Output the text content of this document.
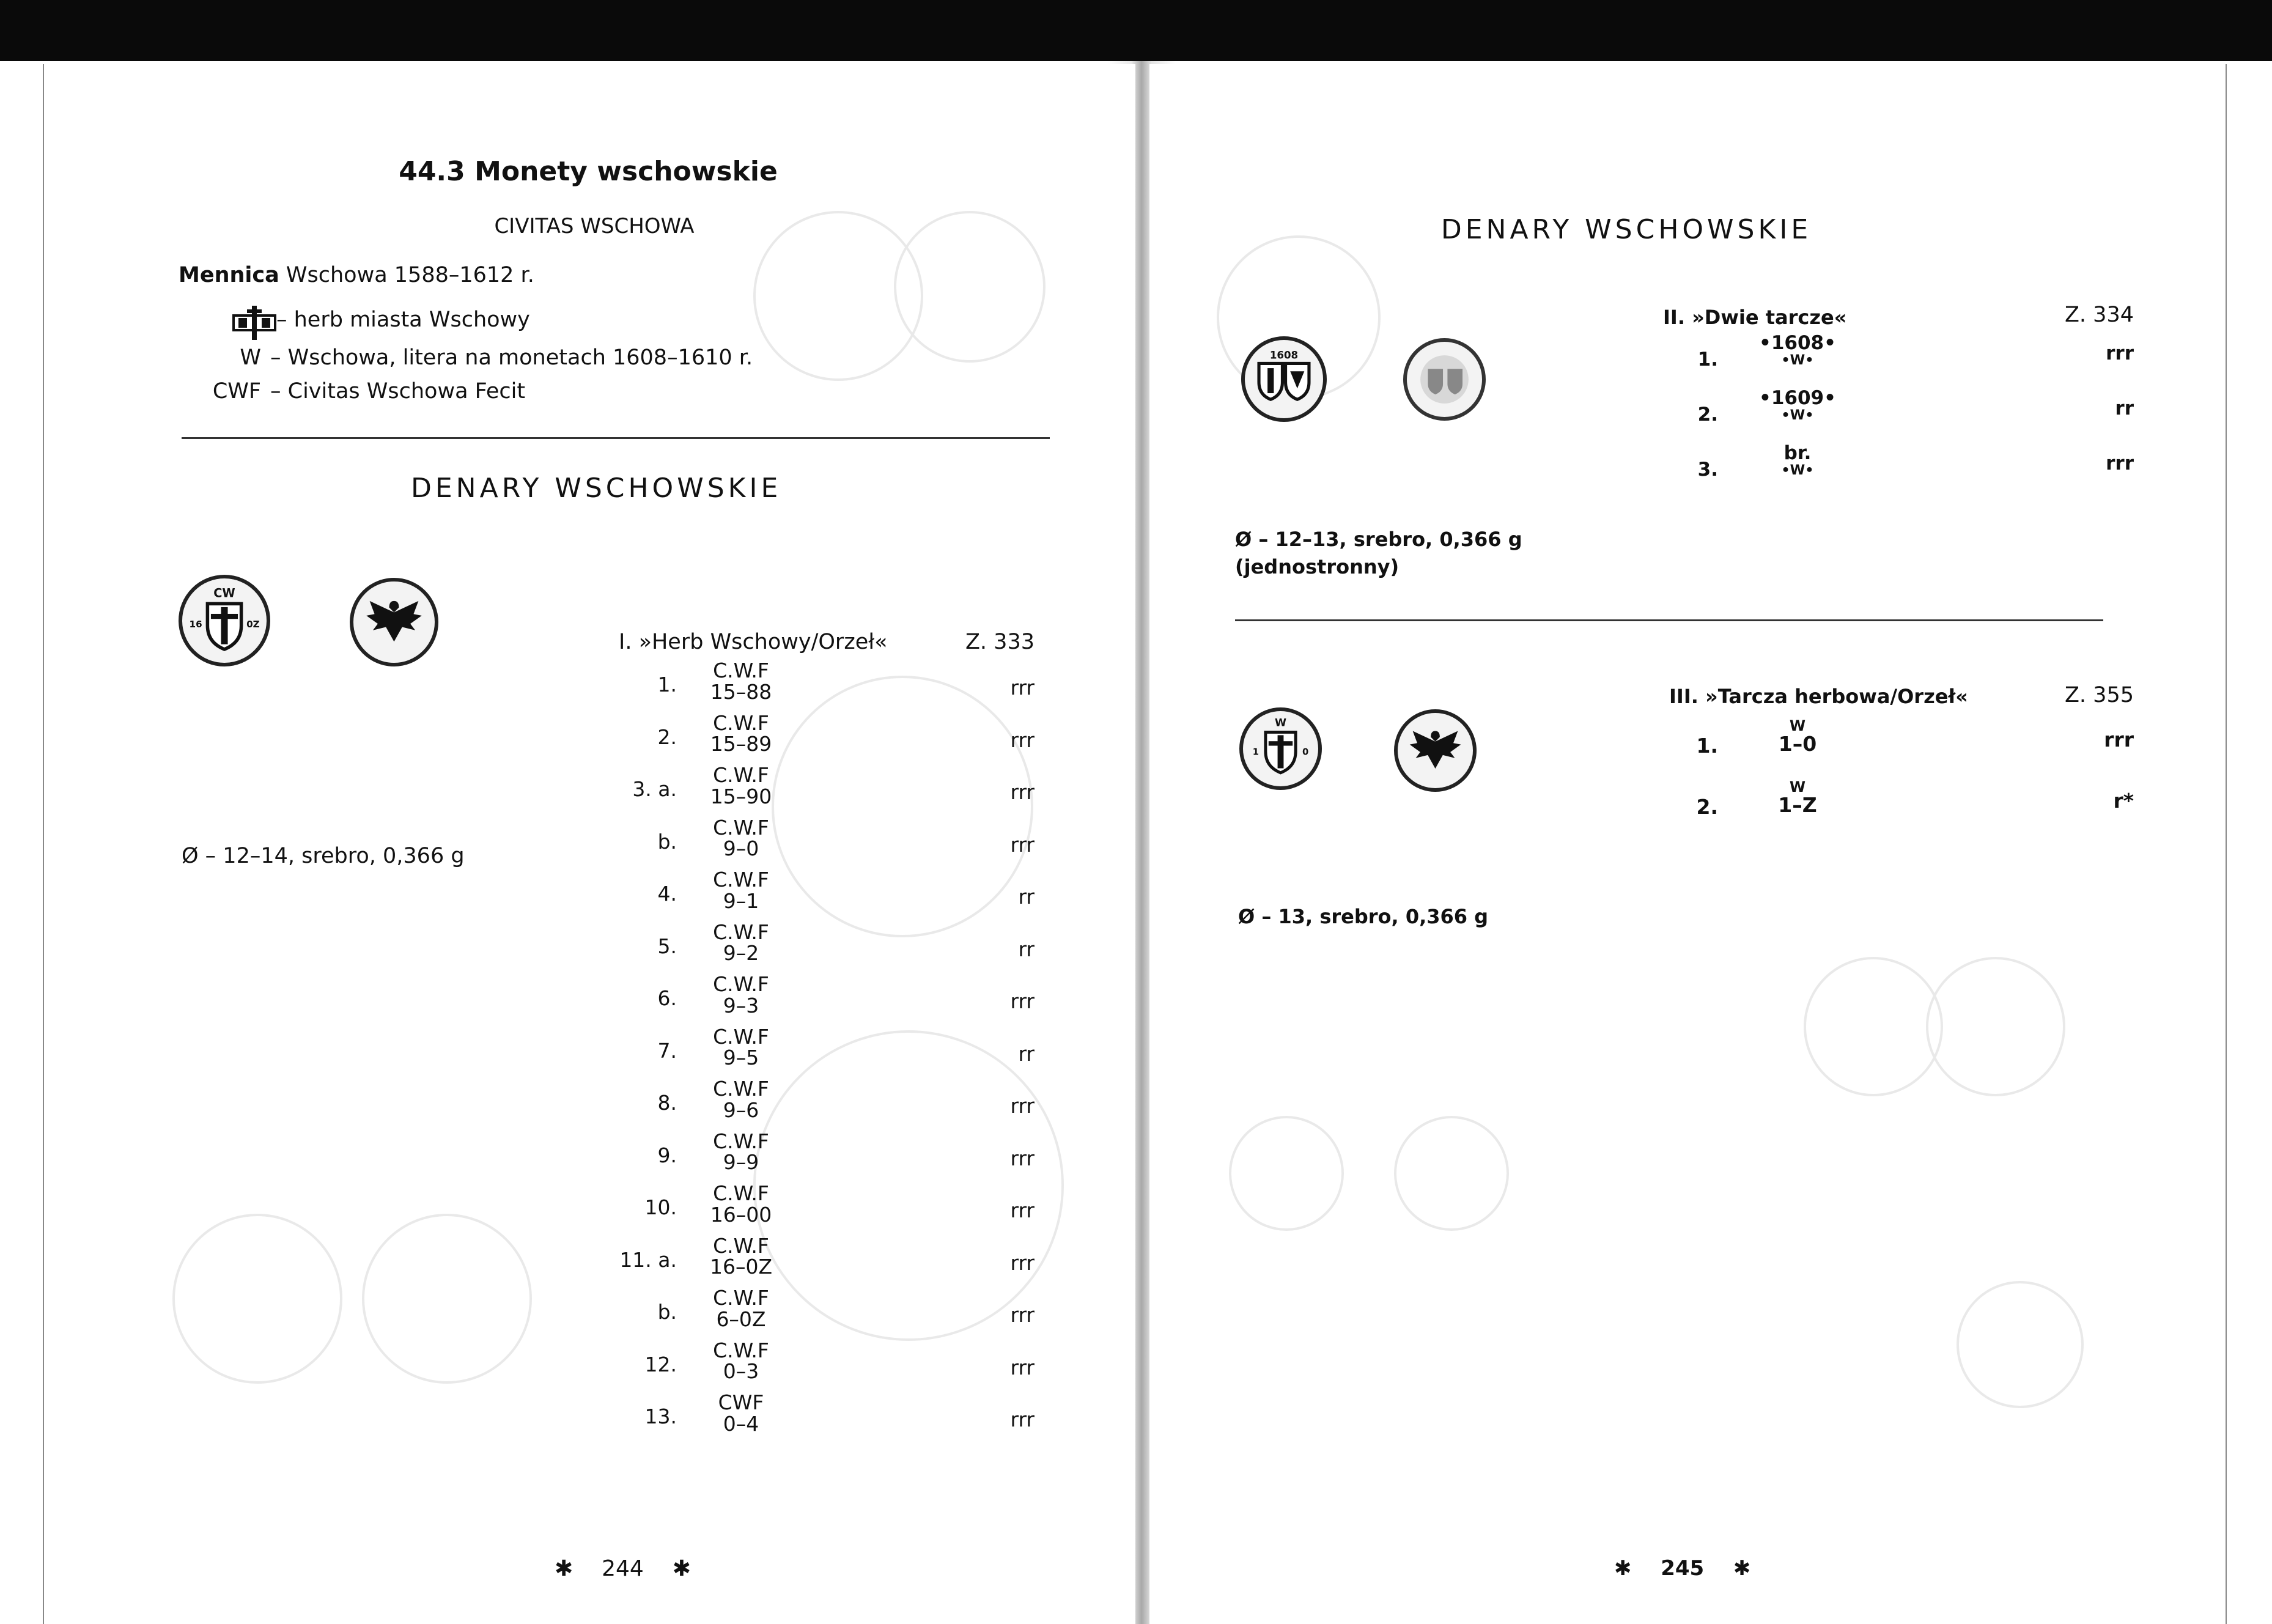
44.3 Monety wschowskie
CIVITAS WSCHOWA
Mennica Wschowa 1588–1612 r.
– herb miasta Wschowy
W – Wschowa, litera na monetach 1608–1610 r.
CWF – Civitas Wschowa Fecit
DENARY WSCHOWSKIE
CW
16	0Z
Ø – 12–14, srebro, 0,366 g
I. »Herb Wschowy/Orzeł«	Z. 333
1.
C.W.F
15–88	rrr
2.
C.W.F
15–89	rrr
3. a.
C.W.F
15–90	rrr
b.
C.W.F
9–0	rrr
4.
C.W.F
9–1	rr
5.
C.W.F
9–2	rr
6.
C.W.F
9–3	rrr
7.
C.W.F
9–5	rr
8.
C.W.F
9–6	rrr
9.
C.W.F
9–9	rrr
10.
C.W.F
16–00	rrr
11. a.
C.W.F
16–0Z	rrr
b.
C.W.F
6–0Z	rrr
12.
C.W.F
0–3	rrr
13.
CWF
0–4	rrr
✱ 244 ✱
DENARY WSCHOWSKIE
1608
II. »Dwie tarcze«	Z. 334
1.
•1608•
•W•	rrr
2.
•1609•
•W•	rr
3.
br.
•W•	rrr
Ø – 12–13, srebro, 0,366 g
(jednostronny)
W
1	0
III. »Tarcza herbowa/Orzeł«	Z. 355
1.
W
1–0	rrr
2.
W
1–Z	r*
Ø – 13, srebro, 0,366 g
✱ 245 ✱
